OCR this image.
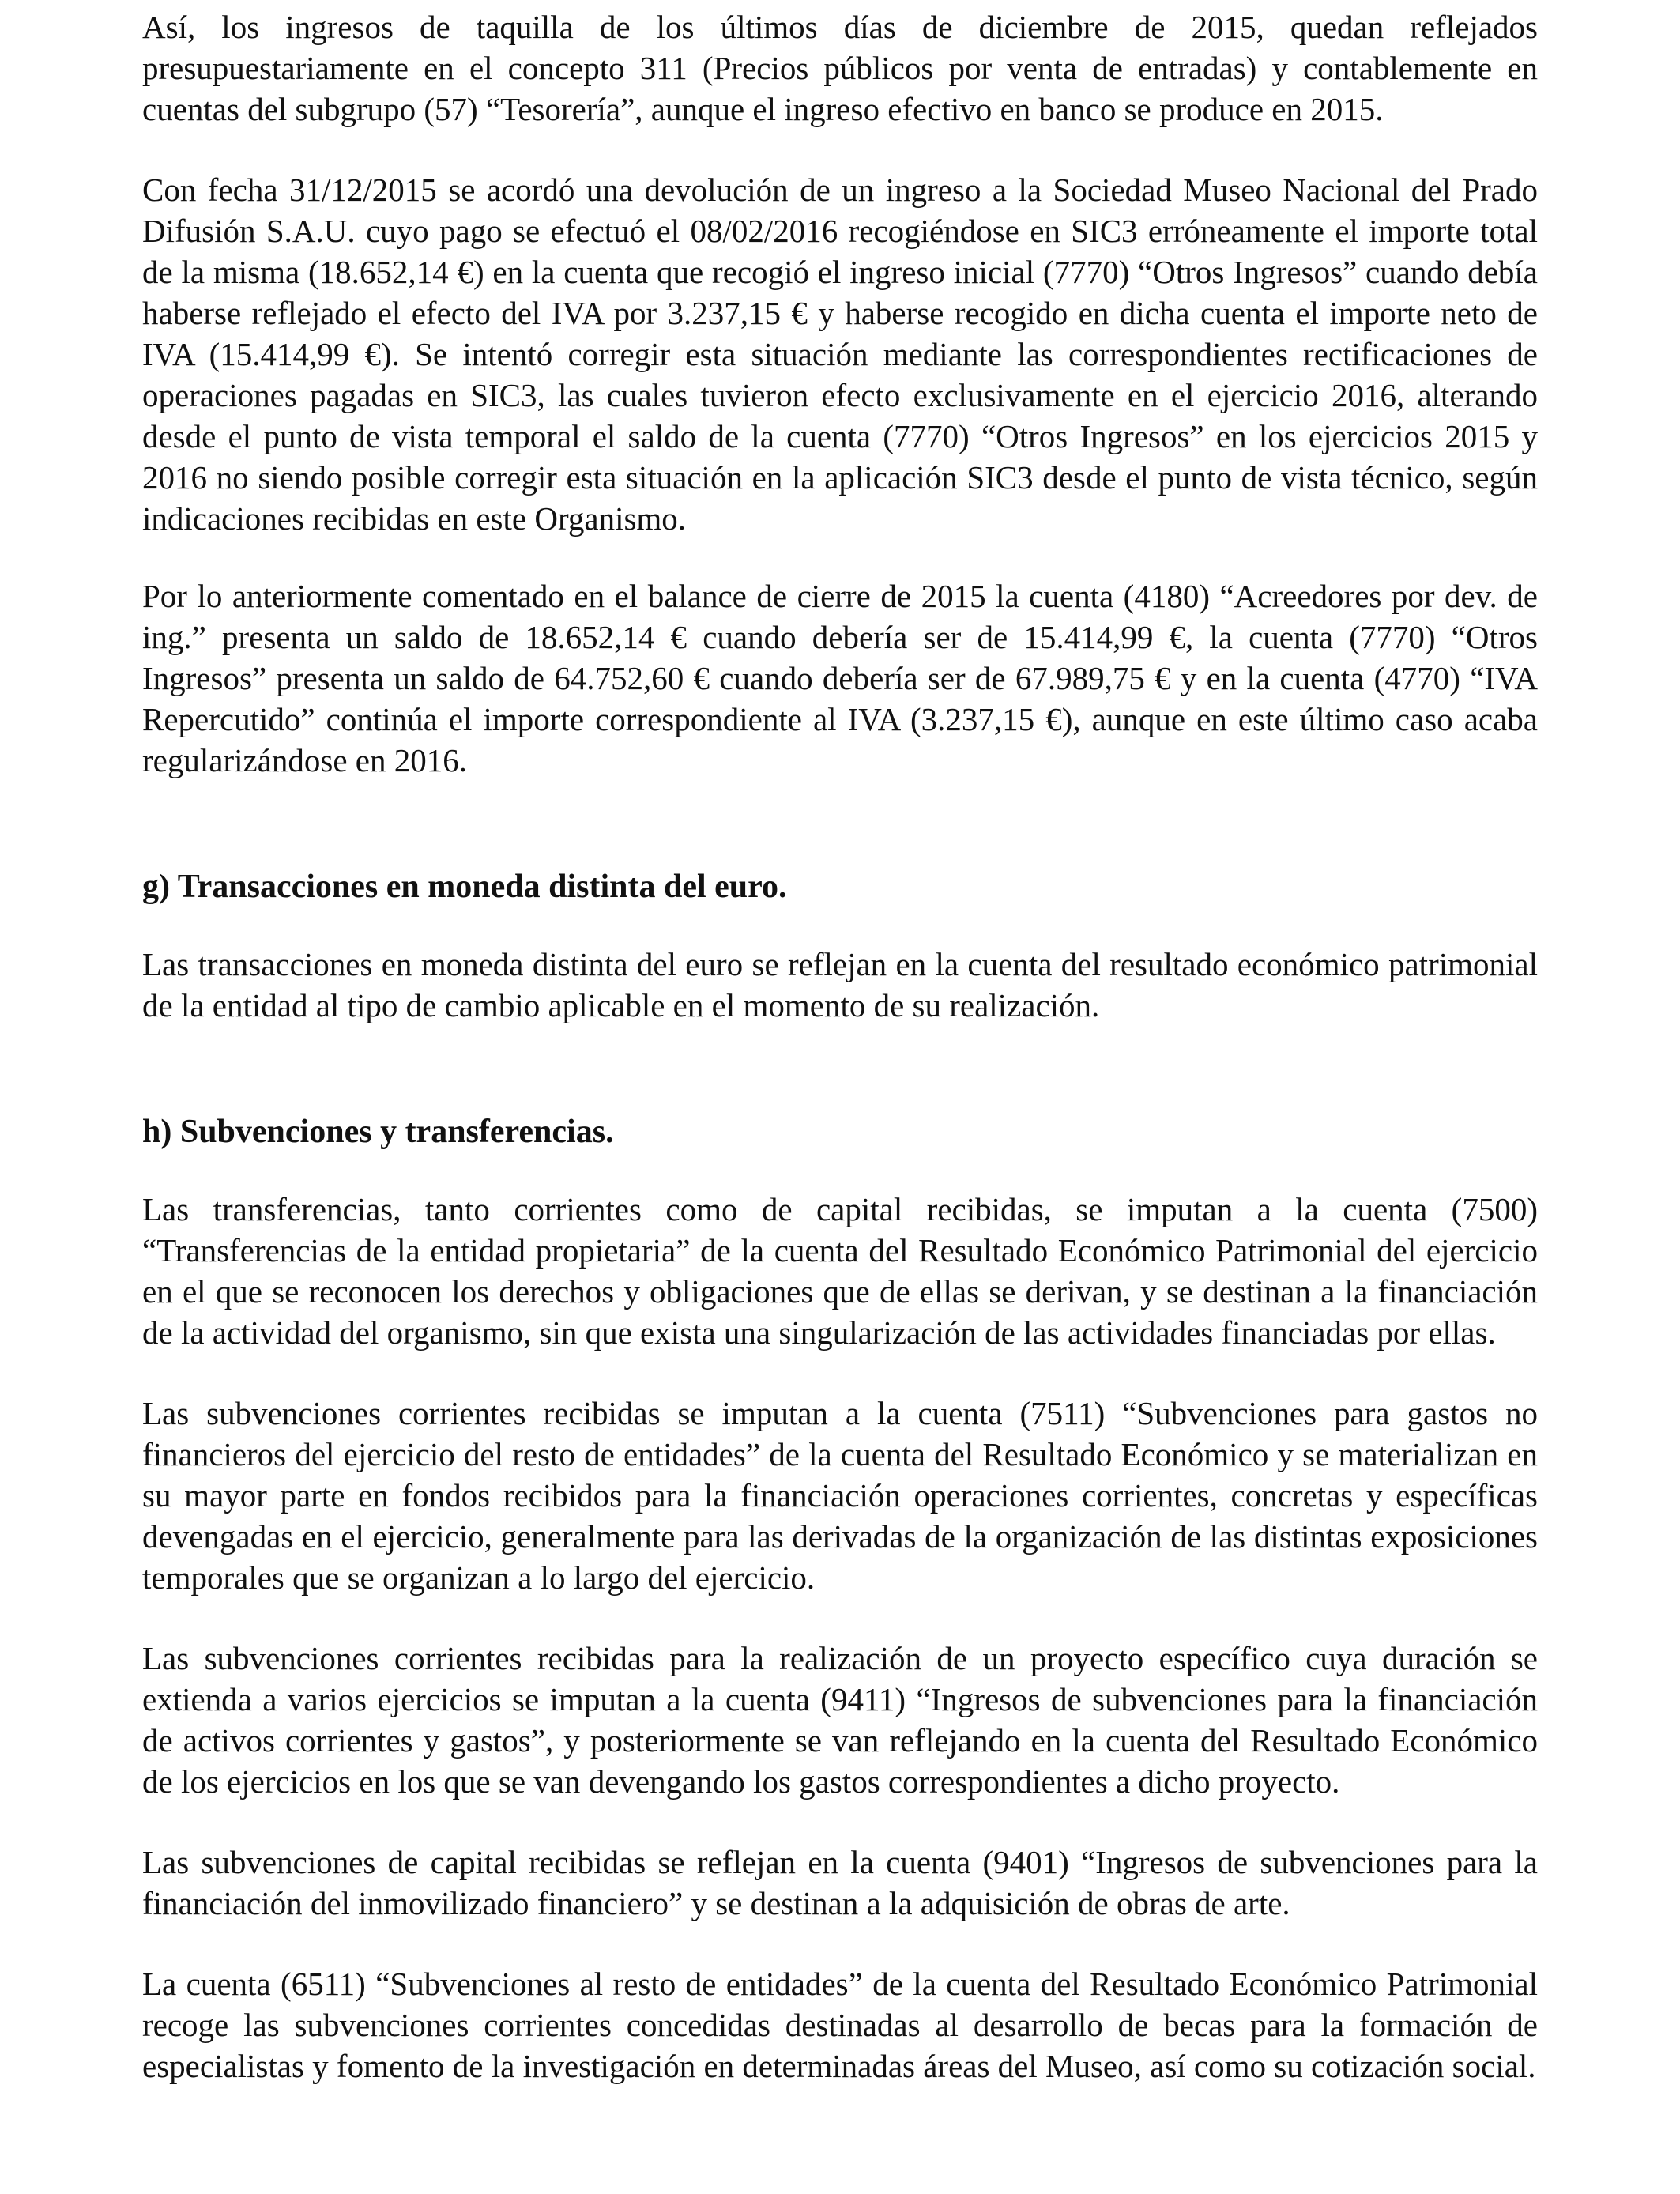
Así, los ingresos de taquilla de los últimos días de diciembre de 2015, quedan reflejados presupuestariamente en el concepto 311 (Precios públicos por venta de entradas) y contablemente en cuentas del subgrupo (57) “Tesorería”, aunque el ingreso efectivo en banco se produce en 2015.

Con fecha 31/12/2015 se acordó una devolución de un ingreso a la Sociedad Museo Nacional del Prado Difusión S.A.U. cuyo pago se efectuó el 08/02/2016 recogiéndose en SIC3 erróneamente el importe total de la misma (18.652,14 €) en la cuenta que recogió el ingreso inicial (7770) “Otros Ingresos” cuando debía haberse reflejado el efecto del IVA por 3.237,15 € y haberse recogido en dicha cuenta el importe neto de IVA (15.414,99 €). Se intentó corregir esta situación mediante las correspondientes rectificaciones de operaciones pagadas en SIC3, las cuales tuvieron efecto exclusivamente en el ejercicio 2016, alterando desde el punto de vista temporal el saldo de la cuenta (7770) “Otros Ingresos” en los ejercicios 2015 y 2016 no siendo posible corregir esta situación en la aplicación SIC3 desde el punto de vista técnico, según indicaciones recibidas en este Organismo.

Por lo anteriormente comentado en el balance de cierre de 2015 la cuenta (4180) “Acreedores por dev. de ing.” presenta un saldo de 18.652,14 € cuando debería ser de 15.414,99 €, la cuenta (7770) “Otros Ingresos” presenta un saldo de 64.752,60 € cuando debería ser de 67.989,75 € y en la cuenta (4770) “IVA Repercutido” continúa el importe correspondiente al IVA (3.237,15 €), aunque en este último caso acaba regularizándose en 2016.

g) Transacciones en moneda distinta del euro.

Las transacciones en moneda distinta del euro se reflejan en la cuenta del resultado económico patrimonial de la entidad al tipo de cambio aplicable en el momento de su realización.

h) Subvenciones y transferencias.

Las transferencias, tanto corrientes como de capital recibidas, se imputan a la cuenta (7500) “Transferencias de la entidad propietaria” de la cuenta del Resultado Económico Patrimonial del ejercicio en el que se reconocen los derechos y obligaciones que de ellas se derivan, y se destinan a la financiación de la actividad del organismo, sin que exista una singularización de las actividades financiadas por ellas.

Las subvenciones corrientes recibidas se imputan a la cuenta (7511) “Subvenciones para gastos no financieros del ejercicio del resto de entidades” de la cuenta del Resultado Económico y se materializan en su mayor parte en fondos recibidos para la financiación operaciones corrientes, concretas y específicas devengadas en el ejercicio, generalmente para las derivadas de la organización de las distintas exposiciones temporales que se organizan a lo largo del ejercicio.

Las subvenciones corrientes recibidas para la realización de un proyecto específico cuya duración se extienda a varios ejercicios se imputan a la cuenta (9411) “Ingresos de subvenciones para la financiación de activos corrientes y gastos”, y posteriormente se van reflejando en la cuenta del Resultado Económico de los ejercicios en los que se van devengando los gastos correspondientes a dicho proyecto.

Las subvenciones de capital recibidas se reflejan en la cuenta (9401) “Ingresos de subvenciones para la financiación del inmovilizado financiero” y se destinan a la adquisición de obras de arte.

La cuenta (6511) “Subvenciones al resto de entidades” de la cuenta del Resultado Económico Patrimonial recoge las subvenciones corrientes concedidas destinadas al desarrollo de becas para la formación de especialistas y fomento de la investigación en determinadas áreas del Museo, así como su cotización social.
